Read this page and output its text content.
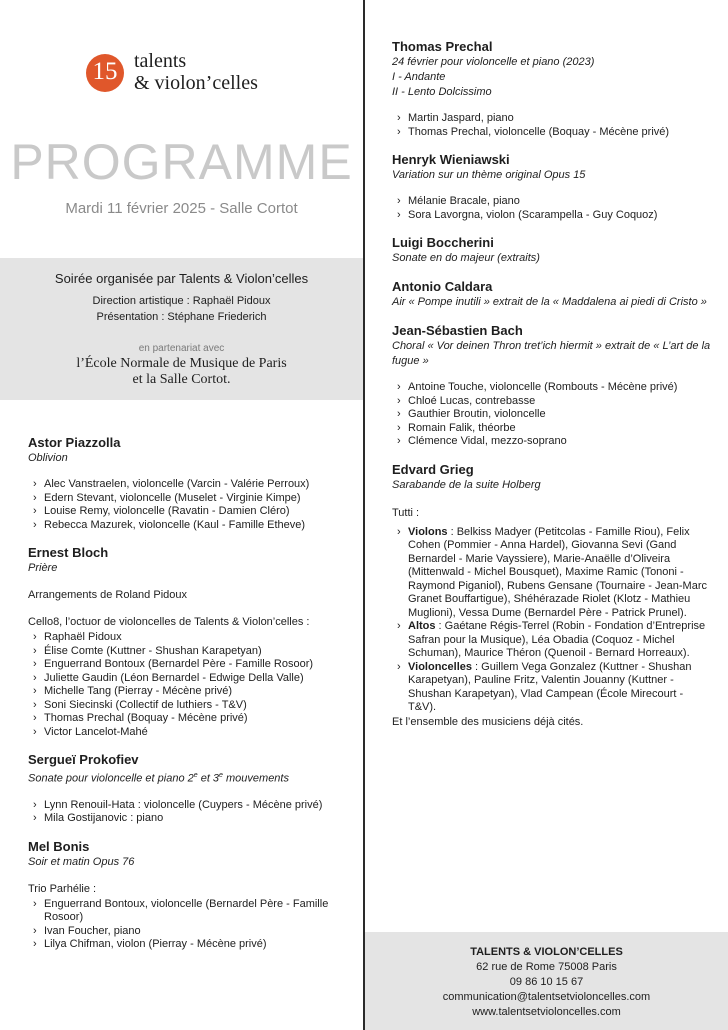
15 talents
& violon’celles
PROGRAMME
Mardi 11 février 2025 - Salle Cortot
Soirée organisée par Talents & Violon’celles
Direction artistique : Raphaël Pidoux
Présentation : Stéphane Friederich
en partenariat avec
l’École Normale de Musique de Paris
et la Salle Cortot.
Astor Piazzolla
Oblivion
› Alec Vanstraelen, violoncelle (Varcin - Valérie Perroux)
› Edern Stevant, violoncelle (Muselet - Virginie Kimpe)
› Louise Remy, violoncelle (Ravatin - Damien Cléro)
› Rebecca Mazurek, violoncelle (Kaul - Famille Etheve)
Ernest Bloch
Prière
Arrangements de Roland Pidoux
Cello8, l’octuor de violoncelles de Talents & Violon’celles :
› Raphaël Pidoux
› Élise Comte (Kuttner - Shushan Karapetyan)
› Enguerrand Bontoux (Bernardel Père - Famille Rosoor)
› Juliette Gaudin (Léon Bernardel - Edwige Della Valle)
› Michelle Tang (Pierray - Mécène privé)
› Soni Siecinski (Collectif de luthiers - T&V)
› Thomas Prechal (Boquay - Mécène privé)
› Victor Lancelot-Mahé
Sergueï Prokofiev
Sonate pour violoncelle et piano 2e et 3e mouvements
› Lynn Renouil-Hata : violoncelle (Cuypers - Mécène privé)
› Mila Gostijanovic : piano
Mel Bonis
Soir et matin Opus 76
Trio Parhélie :
› Enguerrand Bontoux, violoncelle (Bernardel Père - Famille Rosoor)
› Ivan Foucher, piano
› Lilya Chifman, violon (Pierray - Mécène privé)
Thomas Prechal
24 février pour violoncelle et piano (2023)
I - Andante
II - Lento Dolcissimo
› Martin Jaspard, piano
› Thomas Prechal, violoncelle (Boquay - Mécène privé)
Henryk Wieniawski
Variation sur un thème original Opus 15
› Mélanie Bracale, piano
› Sora Lavorgna, violon (Scarampella - Guy Coquoz)
Luigi Boccherini
Sonate en do majeur (extraits)
Antonio Caldara
Air « Pompe inutili » extrait de la « Maddalena ai piedi di Cristo »
Jean-Sébastien Bach
Choral « Vor deinen Thron tret’ich hiermit » extrait de « L’art de la fugue »
› Antoine Touche, violoncelle (Rombouts - Mécène privé)
› Chloé Lucas, contrebasse
› Gauthier Broutin, violoncelle
› Romain Falik, théorbe
› Clémence Vidal, mezzo-soprano
Edvard Grieg
Sarabande de la suite Holberg
Tutti :
› Violons : Belkiss Madyer (Petitcolas - Famille Riou), Felix Cohen (Pommier - Anna Hardel), Giovanna Sevi (Gand Bernardel - Marie Vayssiere), Marie-Anaëlle d’Oliveira (Mittenwald - Michel Bousquet), Maxime Ramic (Tononi - Raymond Piganiol), Rubens Gensane (Tournaire - Jean-Marc Granet Bouffartigue), Shéhérazade Riolet (Klotz - Mathieu Muglioni), Vessa Dume (Bernardel Père - Patrick Prunel).
› Altos : Gaétane Régis-Terrel (Robin - Fondation d’Entreprise Safran pour la Musique), Léa Obadia (Coquoz - Michel Schuman), Maurice Théron (Quenoil - Bernard Horreaux).
› Violoncelles : Guillem Vega Gonzalez (Kuttner - Shushan Karapetyan), Pauline Fritz, Valentin Jouanny (Kuttner - Shushan Karapetyan), Vlad Campean (École Mirecourt - T&V).
Et l’ensemble des musiciens déjà cités.
TALENTS & VIOLON’CELLES
62 rue de Rome 75008 Paris
09 86 10 15 67
communication@talentsetvioloncelles.com
www.talentsetvioloncelles.com
